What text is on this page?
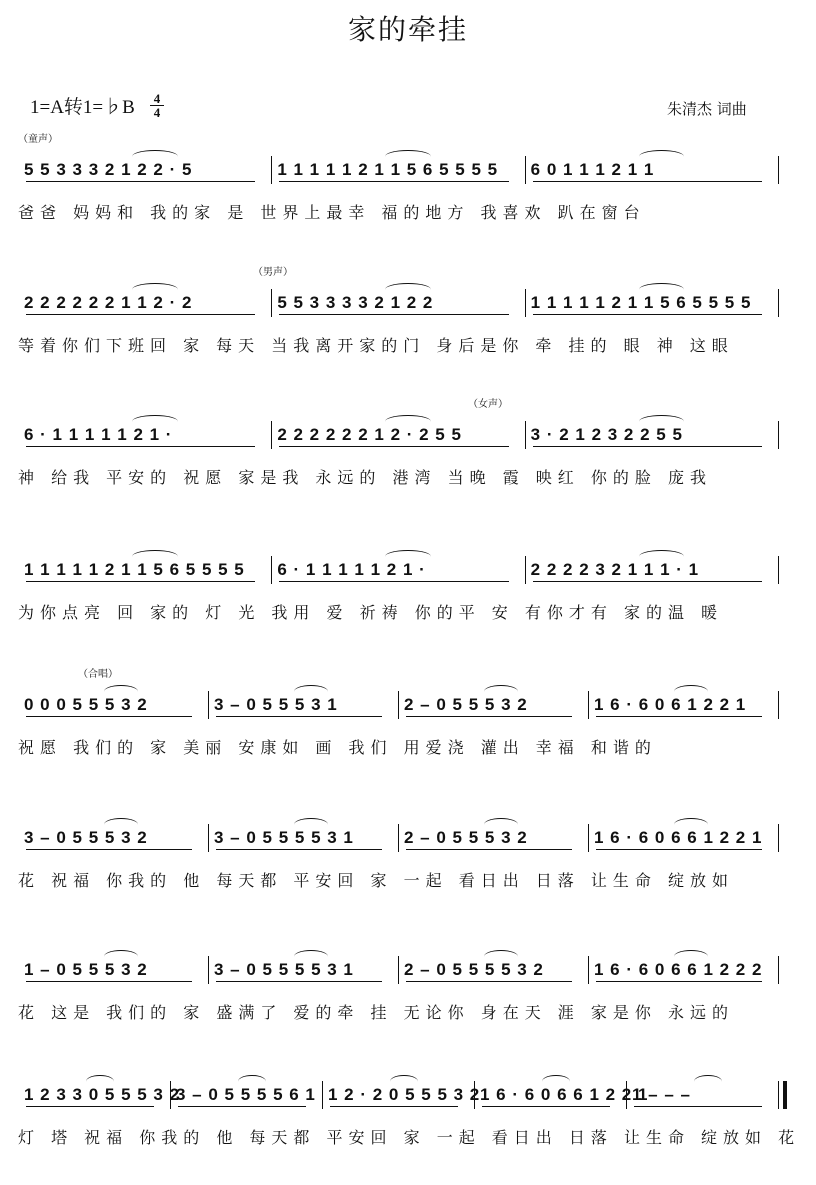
家的牵挂
1=A转1=♭B 4
4	朱清杰 词曲
5 5 3 3 3 2 1 2 2 · 5	1 1 1 1 1 2 1 1 5 6 5 5 5 5 6 0 1 1 1 2 1 1
（童声）
爸爸 妈妈和 我的家 是 世界上最幸 福的地方 我喜欢 趴在窗台
2 2 2 2 2 2 1 1 2 · 2	5 5 3 3 3 3 2 1 2 2	1 1 1 1 1 2 1 1 5 6 5 5 5 5
（男声）
等着你们下班回 家 每天 当我离开家的门 身后是你 牵 挂的 眼 神 这眼
6 · 1 1 1 1 1 2 1 ·	2 2 2 2 2 2 1 2 · 2 5 5	3 · 2 1 2 3 2 2 5 5
（女声）
神 给我 平安的 祝愿 家是我 永远的 港湾 当晚 霞 映红 你的脸 庞我
1 1 1 1 1 2 1 1 5 6 5 5 5 5 6 · 1 1 1 1 1 2 1 ·	2 2 2 2 3 2 1 1 1 · 1
为你点亮 回 家的 灯 光 我用 爱 祈祷 你的平 安 有你才有 家的温 暖
0 0 0 5 5 5 3 2	3 – 0 5 5 5 3 1	2 – 0 5 5 5 3 2	1 6 · 6 0 6 1 2 2 1
（合唱）
祝愿 我们的 家 美丽 安康如 画 我们 用爱浇 灌出 幸福 和谐的
3 – 0 5 5 5 3 2	3 – 0 5 5 5 5 3 1	2 – 0 5 5 5 3 2	1 6 · 6 0 6 6 1 2 2 1
花 祝福 你我的 他 每天都 平安回 家 一起 看日出 日落 让生命 绽放如
1 – 0 5 5 5 3 2	3 – 0 5 5 5 5 3 1	2 – 0 5 5 5 5 3 2	1 6 · 6 0 6 6 1 2 2 2
花 这是 我们的 家 盛满了 爱的牵 挂 无论你 身在天 涯 家是你 永远的
1 2 3 3 0 5 5 5 3 2
3 – 0 5 5 5 5 6 1 1 2 · 2 0 5 5 5 3 2 1 6 · 6 0 6 6 1 2 2 1
1 – – –
灯 塔 祝福 你我的 他 每天都 平安回 家 一起 看日出 日落 让生命 绽放如 花
